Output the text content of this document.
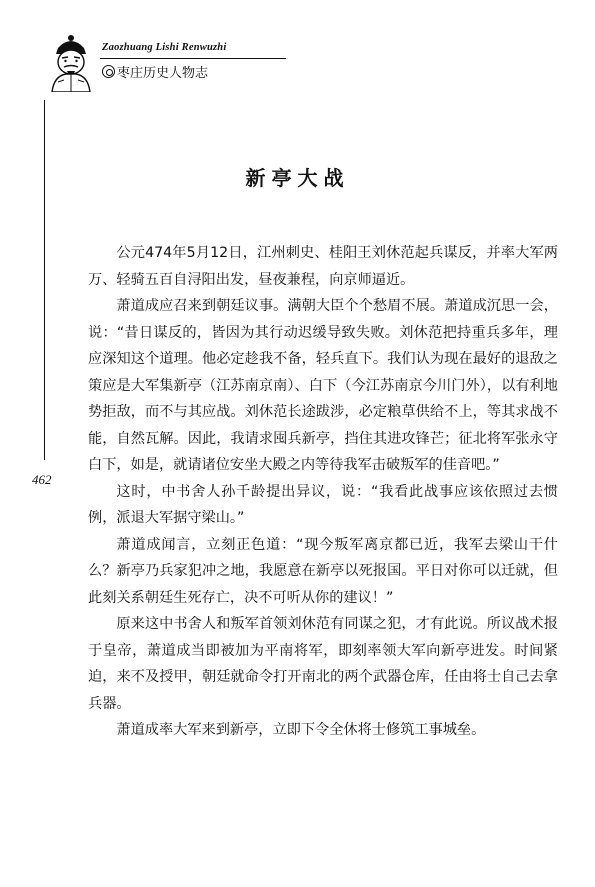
Zaozhuang Lishi Renwuzhi
枣庄历史人物志
462
新亭大战

公元474年5月12日，江州刺史、桂阳王刘休范起兵谋反，并率大军两万、轻骑五百自浔阳出发，昼夜兼程，向京师逼近。

萧道成应召来到朝廷议事。满朝大臣个个愁眉不展。萧道成沉思一会，说：“昔日谋反的，皆因为其行动迟缓导致失败。刘休范把持重兵多年，理应深知这个道理。他必定趁我不备，轻兵直下。我们认为现在最好的退敌之策应是大军集新亭（江苏南京南）、白下（今江苏南京今川门外），以有利地势拒敌，而不与其应战。刘休范长途跋涉，必定粮草供给不上，等其求战不能，自然瓦解。因此，我请求囤兵新亭，挡住其进攻锋芒；征北将军张永守白下，如是，就请诸位安坐大殿之内等待我军击破叛军的佳音吧。”

这时，中书舍人孙千龄提出异议，说：“我看此战事应该依照过去惯例，派退大军据守梁山。”

萧道成闻言，立刻正色道：“现今叛军离京都已近，我军去梁山干什么？新亭乃兵家犯冲之地，我愿意在新亭以死报国。平日对你可以迁就，但此刻关系朝廷生死存亡，决不可听从你的建议！”

原来这中书舍人和叛军首领刘休范有同谋之犯，才有此说。所议战术报于皇帝，萧道成当即被加为平南将军，即刻率领大军向新亭进发。时间紧迫，来不及授甲，朝廷就命令打开南北的两个武器仓库，任由将士自己去拿兵器。

萧道成率大军来到新亭，立即下令全休将士修筑工事城垒。
